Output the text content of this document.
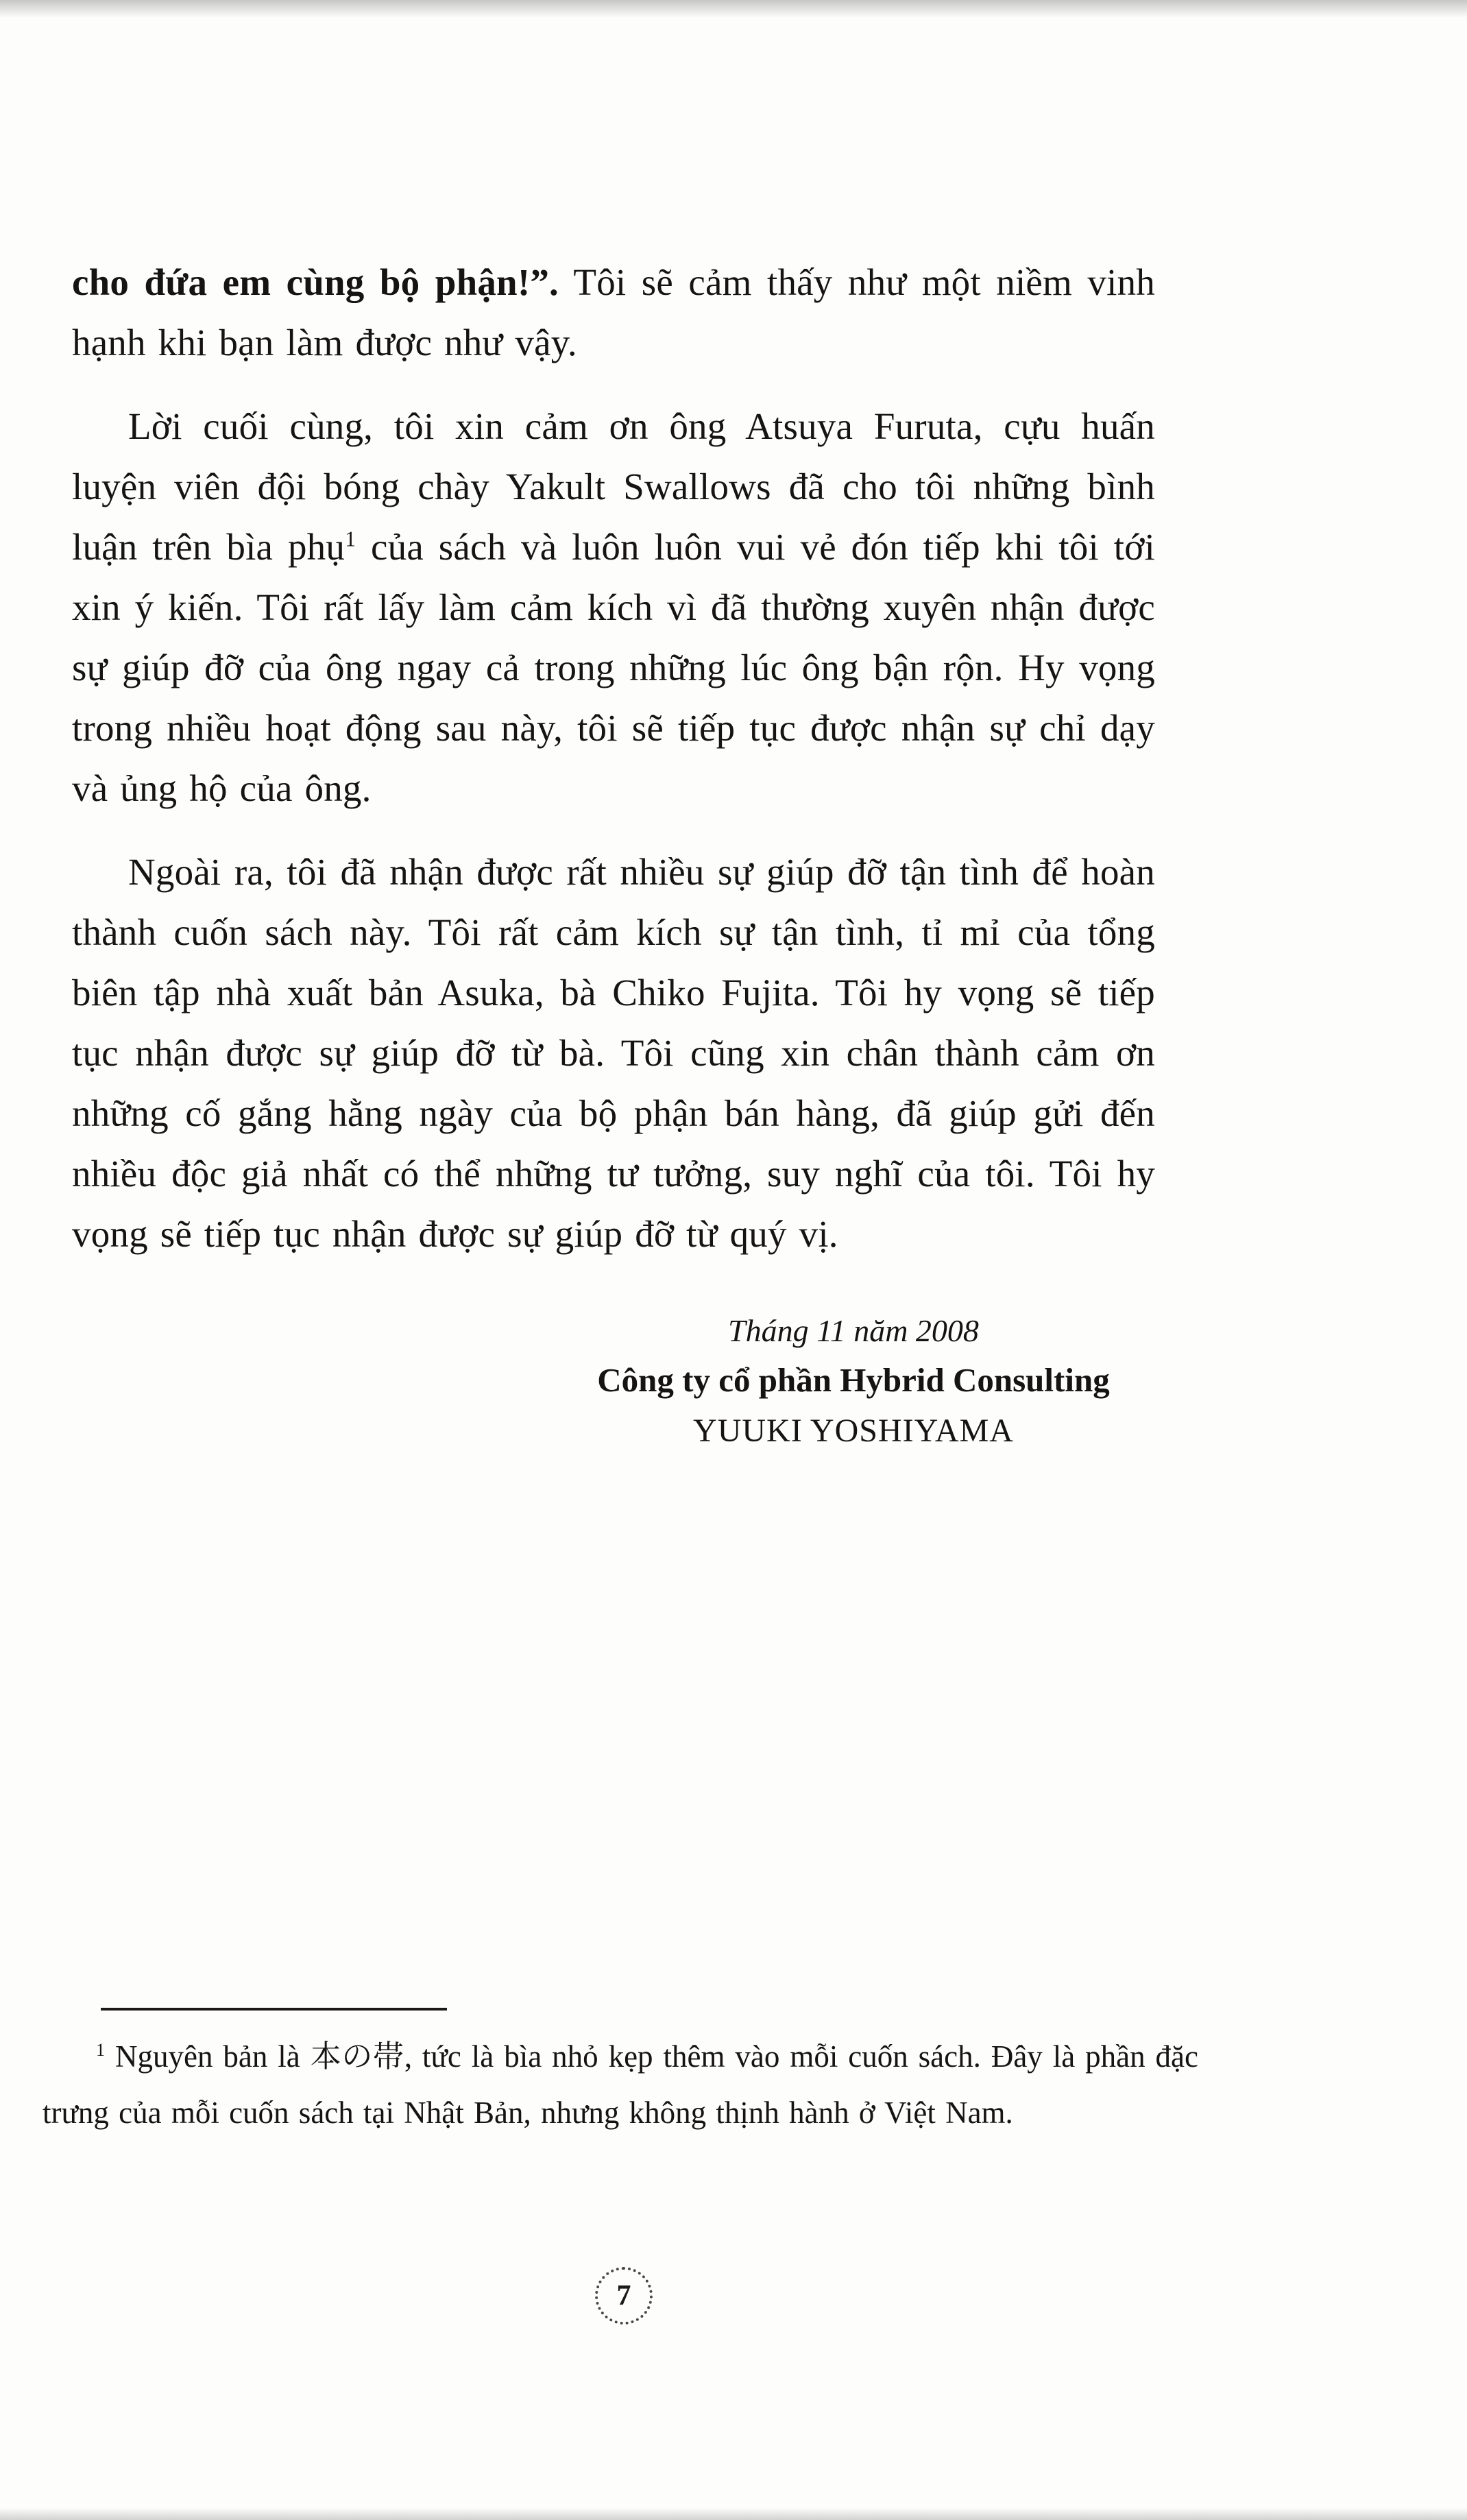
cho đứa em cùng bộ phận!”. Tôi sẽ cảm thấy như một niềm vinh hạnh khi bạn làm được như vậy.

Lời cuối cùng, tôi xin cảm ơn ông Atsuya Furuta, cựu huấn luyện viên đội bóng chày Yakult Swallows đã cho tôi những bình luận trên bìa phụ$^1$ của sách và luôn luôn vui vẻ đón tiếp khi tôi tới xin ý kiến. Tôi rất lấy làm cảm kích vì đã thường xuyên nhận được sự giúp đỡ của ông ngay cả trong những lúc ông bận rộn. Hy vọng trong nhiều hoạt động sau này, tôi sẽ tiếp tục được nhận sự chỉ dạy và ủng hộ của ông.

Ngoài ra, tôi đã nhận được rất nhiều sự giúp đỡ tận tình để hoàn thành cuốn sách này. Tôi rất cảm kích sự tận tình, tỉ mỉ của tổng biên tập nhà xuất bản Asuka, bà Chiko Fujita. Tôi hy vọng sẽ tiếp tục nhận được sự giúp đỡ từ bà. Tôi cũng xin chân thành cảm ơn những cố gắng hằng ngày của bộ phận bán hàng, đã giúp gửi đến nhiều độc giả nhất có thể những tư tưởng, suy nghĩ của tôi. Tôi hy vọng sẽ tiếp tục nhận được sự giúp đỡ từ quý vị.

Tháng 11 năm 2008
Công ty cổ phần Hybrid Consulting
YUUKI YOSHIYAMA

$^1$ Nguyên bản là 本の帯, tức là bìa nhỏ kẹp thêm vào mỗi cuốn sách. Đây là phần đặc trưng của mỗi cuốn sách tại Nhật Bản, nhưng không thịnh hành ở Việt Nam.

7
